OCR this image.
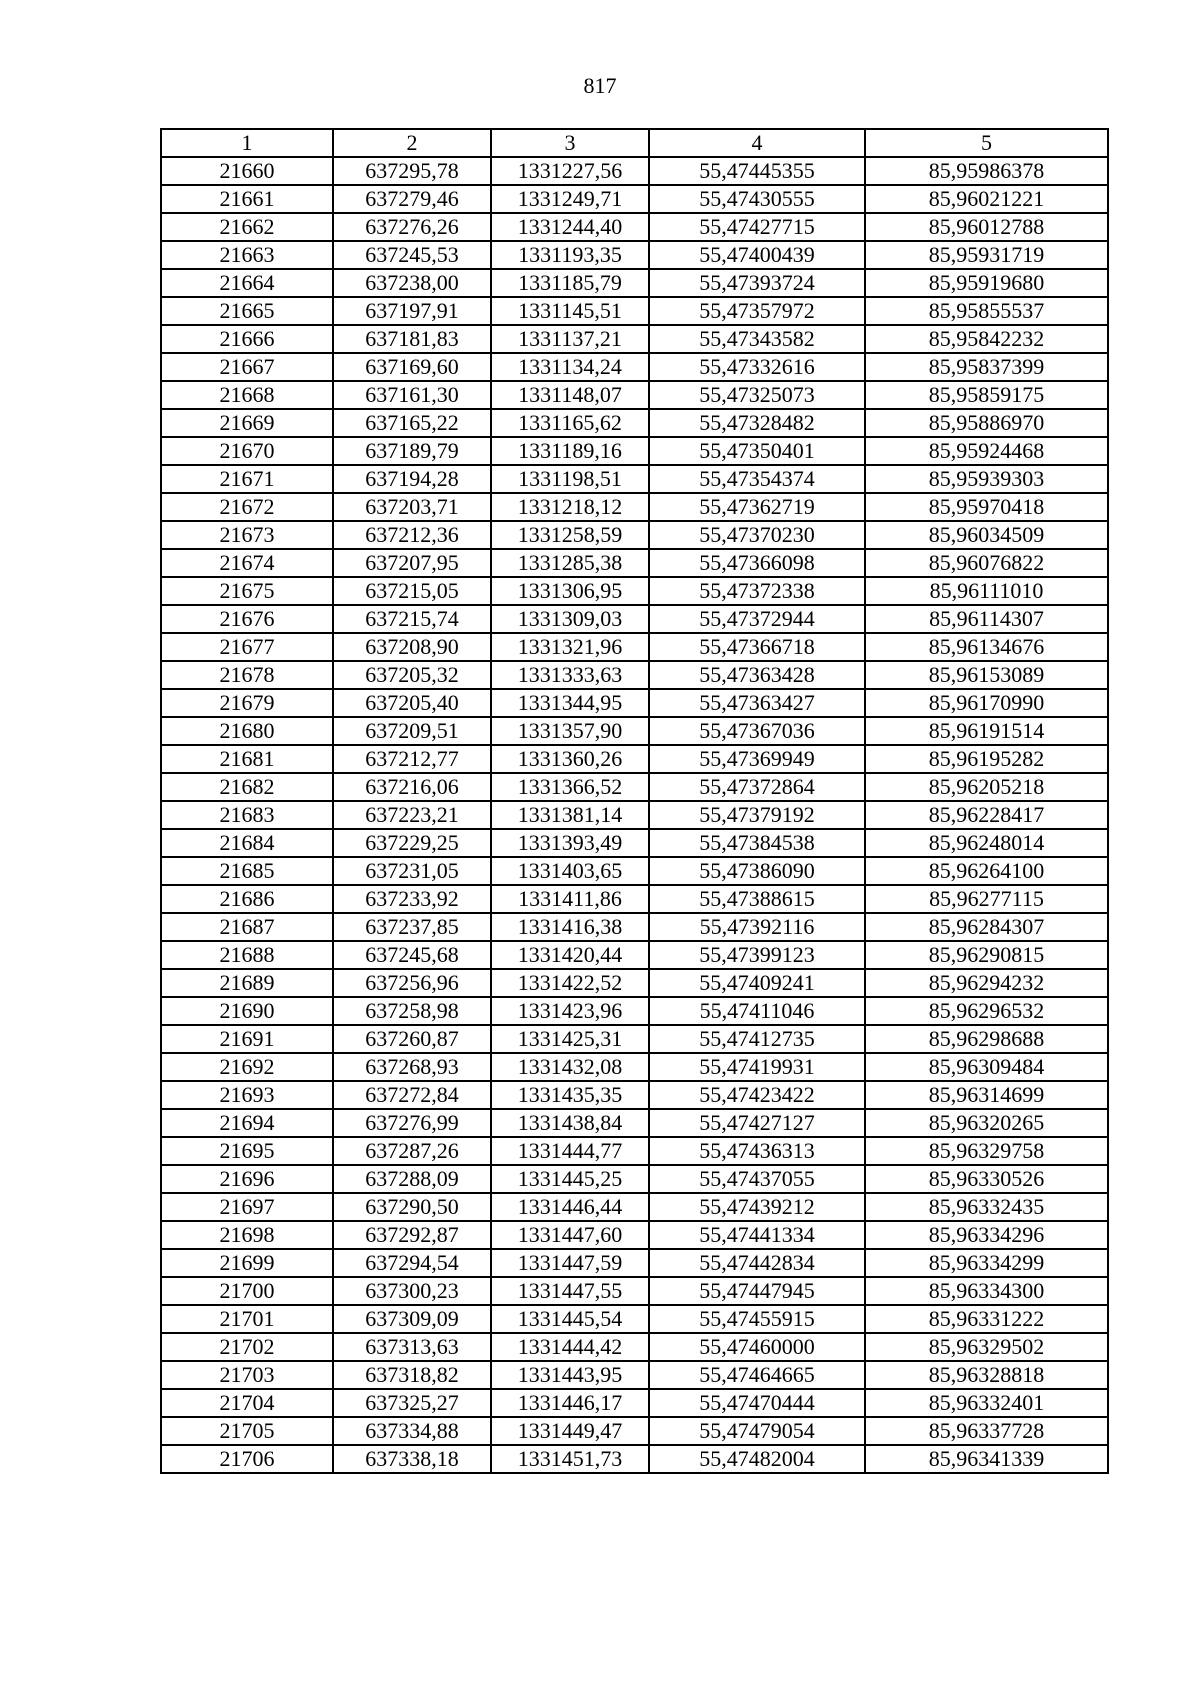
817
1	2	3	4	5
21660	637295,78	1331227,56	55,47445355	85,95986378
21661	637279,46	1331249,71	55,47430555	85,96021221
21662	637276,26	1331244,40	55,47427715	85,96012788
21663	637245,53	1331193,35	55,47400439	85,95931719
21664	637238,00	1331185,79	55,47393724	85,95919680
21665	637197,91	1331145,51	55,47357972	85,95855537
21666	637181,83	1331137,21	55,47343582	85,95842232
21667	637169,60	1331134,24	55,47332616	85,95837399
21668	637161,30	1331148,07	55,47325073	85,95859175
21669	637165,22	1331165,62	55,47328482	85,95886970
21670	637189,79	1331189,16	55,47350401	85,95924468
21671	637194,28	1331198,51	55,47354374	85,95939303
21672	637203,71	1331218,12	55,47362719	85,95970418
21673	637212,36	1331258,59	55,47370230	85,96034509
21674	637207,95	1331285,38	55,47366098	85,96076822
21675	637215,05	1331306,95	55,47372338	85,96111010
21676	637215,74	1331309,03	55,47372944	85,96114307
21677	637208,90	1331321,96	55,47366718	85,96134676
21678	637205,32	1331333,63	55,47363428	85,96153089
21679	637205,40	1331344,95	55,47363427	85,96170990
21680	637209,51	1331357,90	55,47367036	85,96191514
21681	637212,77	1331360,26	55,47369949	85,96195282
21682	637216,06	1331366,52	55,47372864	85,96205218
21683	637223,21	1331381,14	55,47379192	85,96228417
21684	637229,25	1331393,49	55,47384538	85,96248014
21685	637231,05	1331403,65	55,47386090	85,96264100
21686	637233,92	1331411,86	55,47388615	85,96277115
21687	637237,85	1331416,38	55,47392116	85,96284307
21688	637245,68	1331420,44	55,47399123	85,96290815
21689	637256,96	1331422,52	55,47409241	85,96294232
21690	637258,98	1331423,96	55,47411046	85,96296532
21691	637260,87	1331425,31	55,47412735	85,96298688
21692	637268,93	1331432,08	55,47419931	85,96309484
21693	637272,84	1331435,35	55,47423422	85,96314699
21694	637276,99	1331438,84	55,47427127	85,96320265
21695	637287,26	1331444,77	55,47436313	85,96329758
21696	637288,09	1331445,25	55,47437055	85,96330526
21697	637290,50	1331446,44	55,47439212	85,96332435
21698	637292,87	1331447,60	55,47441334	85,96334296
21699	637294,54	1331447,59	55,47442834	85,96334299
21700	637300,23	1331447,55	55,47447945	85,96334300
21701	637309,09	1331445,54	55,47455915	85,96331222
21702	637313,63	1331444,42	55,47460000	85,96329502
21703	637318,82	1331443,95	55,47464665	85,96328818
21704	637325,27	1331446,17	55,47470444	85,96332401
21705	637334,88	1331449,47	55,47479054	85,96337728
21706	637338,18	1331451,73	55,47482004	85,96341339
